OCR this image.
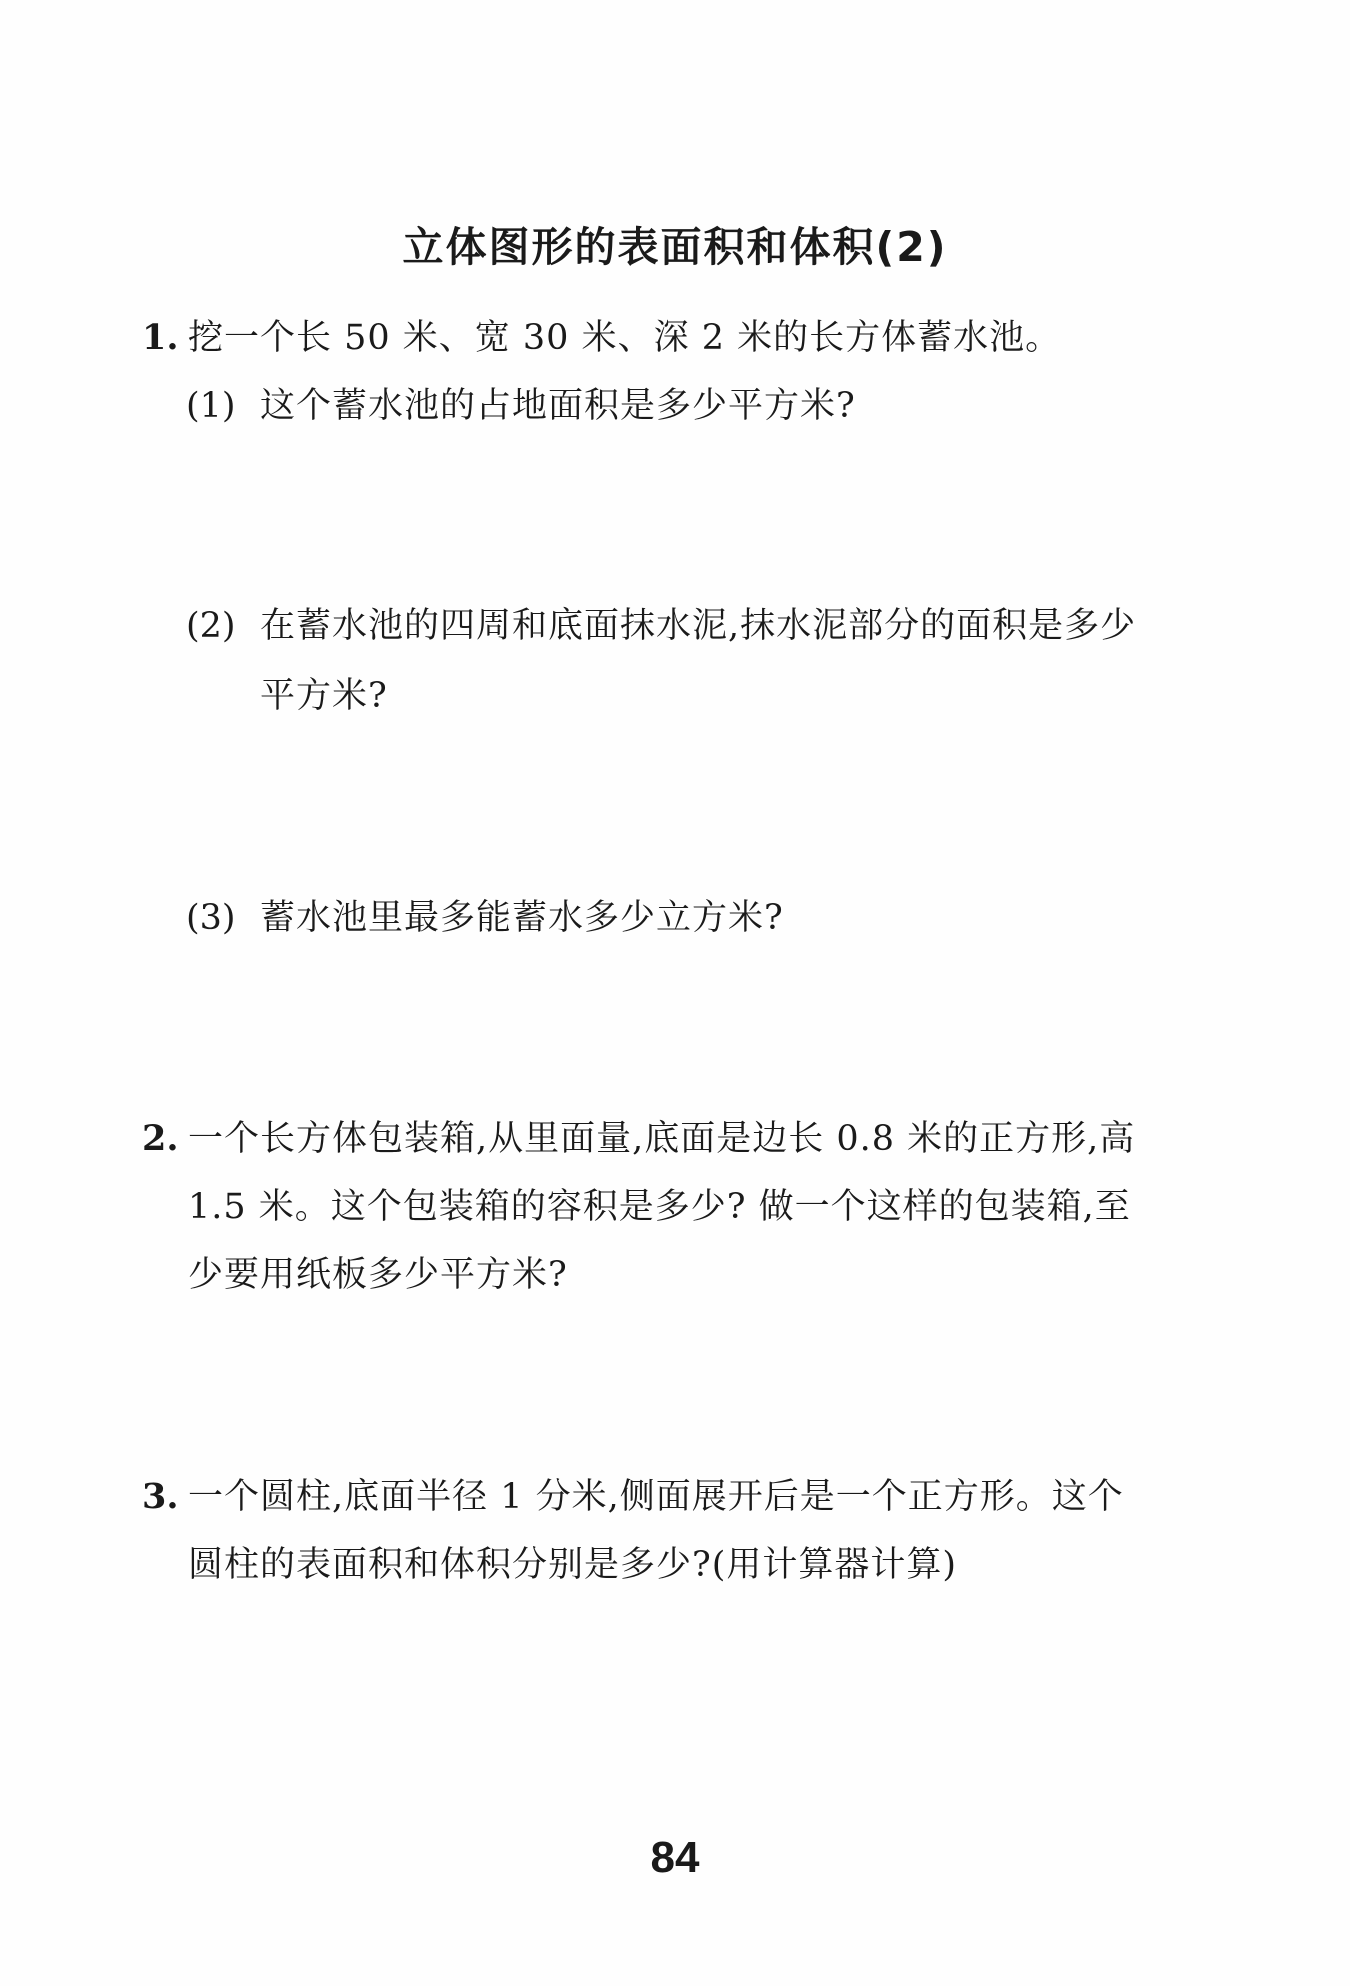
立体图形的表面积和体积(2)
1. 挖一个长 50 米、宽 30 米、深 2 米的长方体蓄水池。
(1) 这个蓄水池的占地面积是多少平方米?
(2) 在蓄水池的四周和底面抹水泥,抹水泥部分的面积是多少
平方米?
(3) 蓄水池里最多能蓄水多少立方米?
2. 一个长方体包装箱,从里面量,底面是边长 0.8 米的正方形,高
1.5 米。这个包装箱的容积是多少? 做一个这样的包装箱,至
少要用纸板多少平方米?
3. 一个圆柱,底面半径 1 分米,侧面展开后是一个正方形。这个
圆柱的表面积和体积分别是多少?(用计算器计算)
84
